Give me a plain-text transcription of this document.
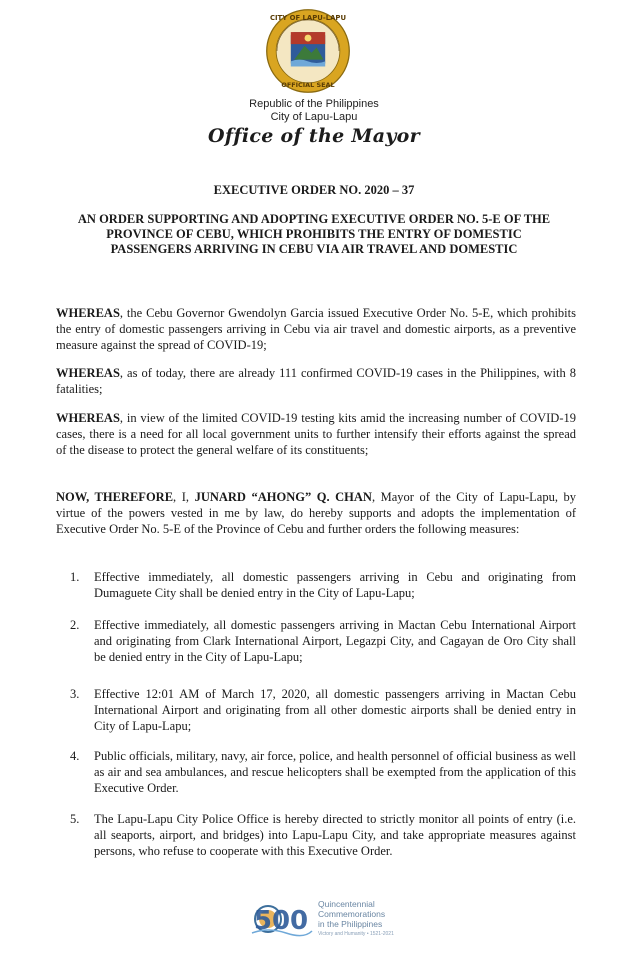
CITY OF LAPU-LAPU
OFFICIAL SEAL
Republic of the Philippines
City of Lapu-Lapu
Office of the Mayor
EXECUTIVE ORDER NO. 2020 – 37
AN ORDER SUPPORTING AND ADOPTING EXECUTIVE ORDER NO. 5-E OF THE PROVINCE OF CEBU, WHICH PROHIBITS THE ENTRY OF DOMESTIC PASSENGERS ARRIVING IN CEBU VIA AIR TRAVEL AND DOMESTIC
WHEREAS, the Cebu Governor Gwendolyn Garcia issued Executive Order No. 5-E, which prohibits the entry of domestic passengers arriving in Cebu via air travel and domestic airports, as a preventive measure against the spread of COVID-19;
WHEREAS, as of today, there are already 111 confirmed COVID-19 cases in the Philippines, with 8 fatalities;
WHEREAS, in view of the limited COVID-19 testing kits amid the increasing number of COVID-19 cases, there is a need for all local government units to further intensify their efforts against the spread of the disease to protect the general welfare of its constituents;
NOW, THEREFORE, I, JUNARD “AHONG” Q. CHAN, Mayor of the City of Lapu-Lapu, by virtue of the powers vested in me by law, do hereby supports and adopts the implementation of Executive Order No. 5-E of the Province of Cebu and further orders the following measures:
1. Effective immediately, all domestic passengers arriving in Cebu and originating from Dumaguete City shall be denied entry in the City of Lapu-Lapu;
2. Effective immediately, all domestic passengers arriving in Mactan Cebu International Airport and originating from Clark International Airport, Legazpi City, and Cagayan de Oro City shall be denied entry in the City of Lapu-Lapu;
3. Effective 12:01 AM of March 17, 2020, all domestic passengers arriving in Mactan Cebu International Airport and originating from all other domestic airports shall be denied entry in City of Lapu-Lapu;
4. Public officials, military, navy, air force, police, and health personnel of official business as well as air and sea ambulances, and rescue helicopters shall be exempted from the application of this Executive Order.
5. The Lapu-Lapu City Police Office is hereby directed to strictly monitor all points of entry (i.e. all seaports, airport, and bridges) into Lapu-Lapu City, and take appropriate measures against persons, who refuse to cooperate with this Executive Order.
500
Quincentennial
Commemorations
in the Philippines
Victory and Humanity • 1521-2021
